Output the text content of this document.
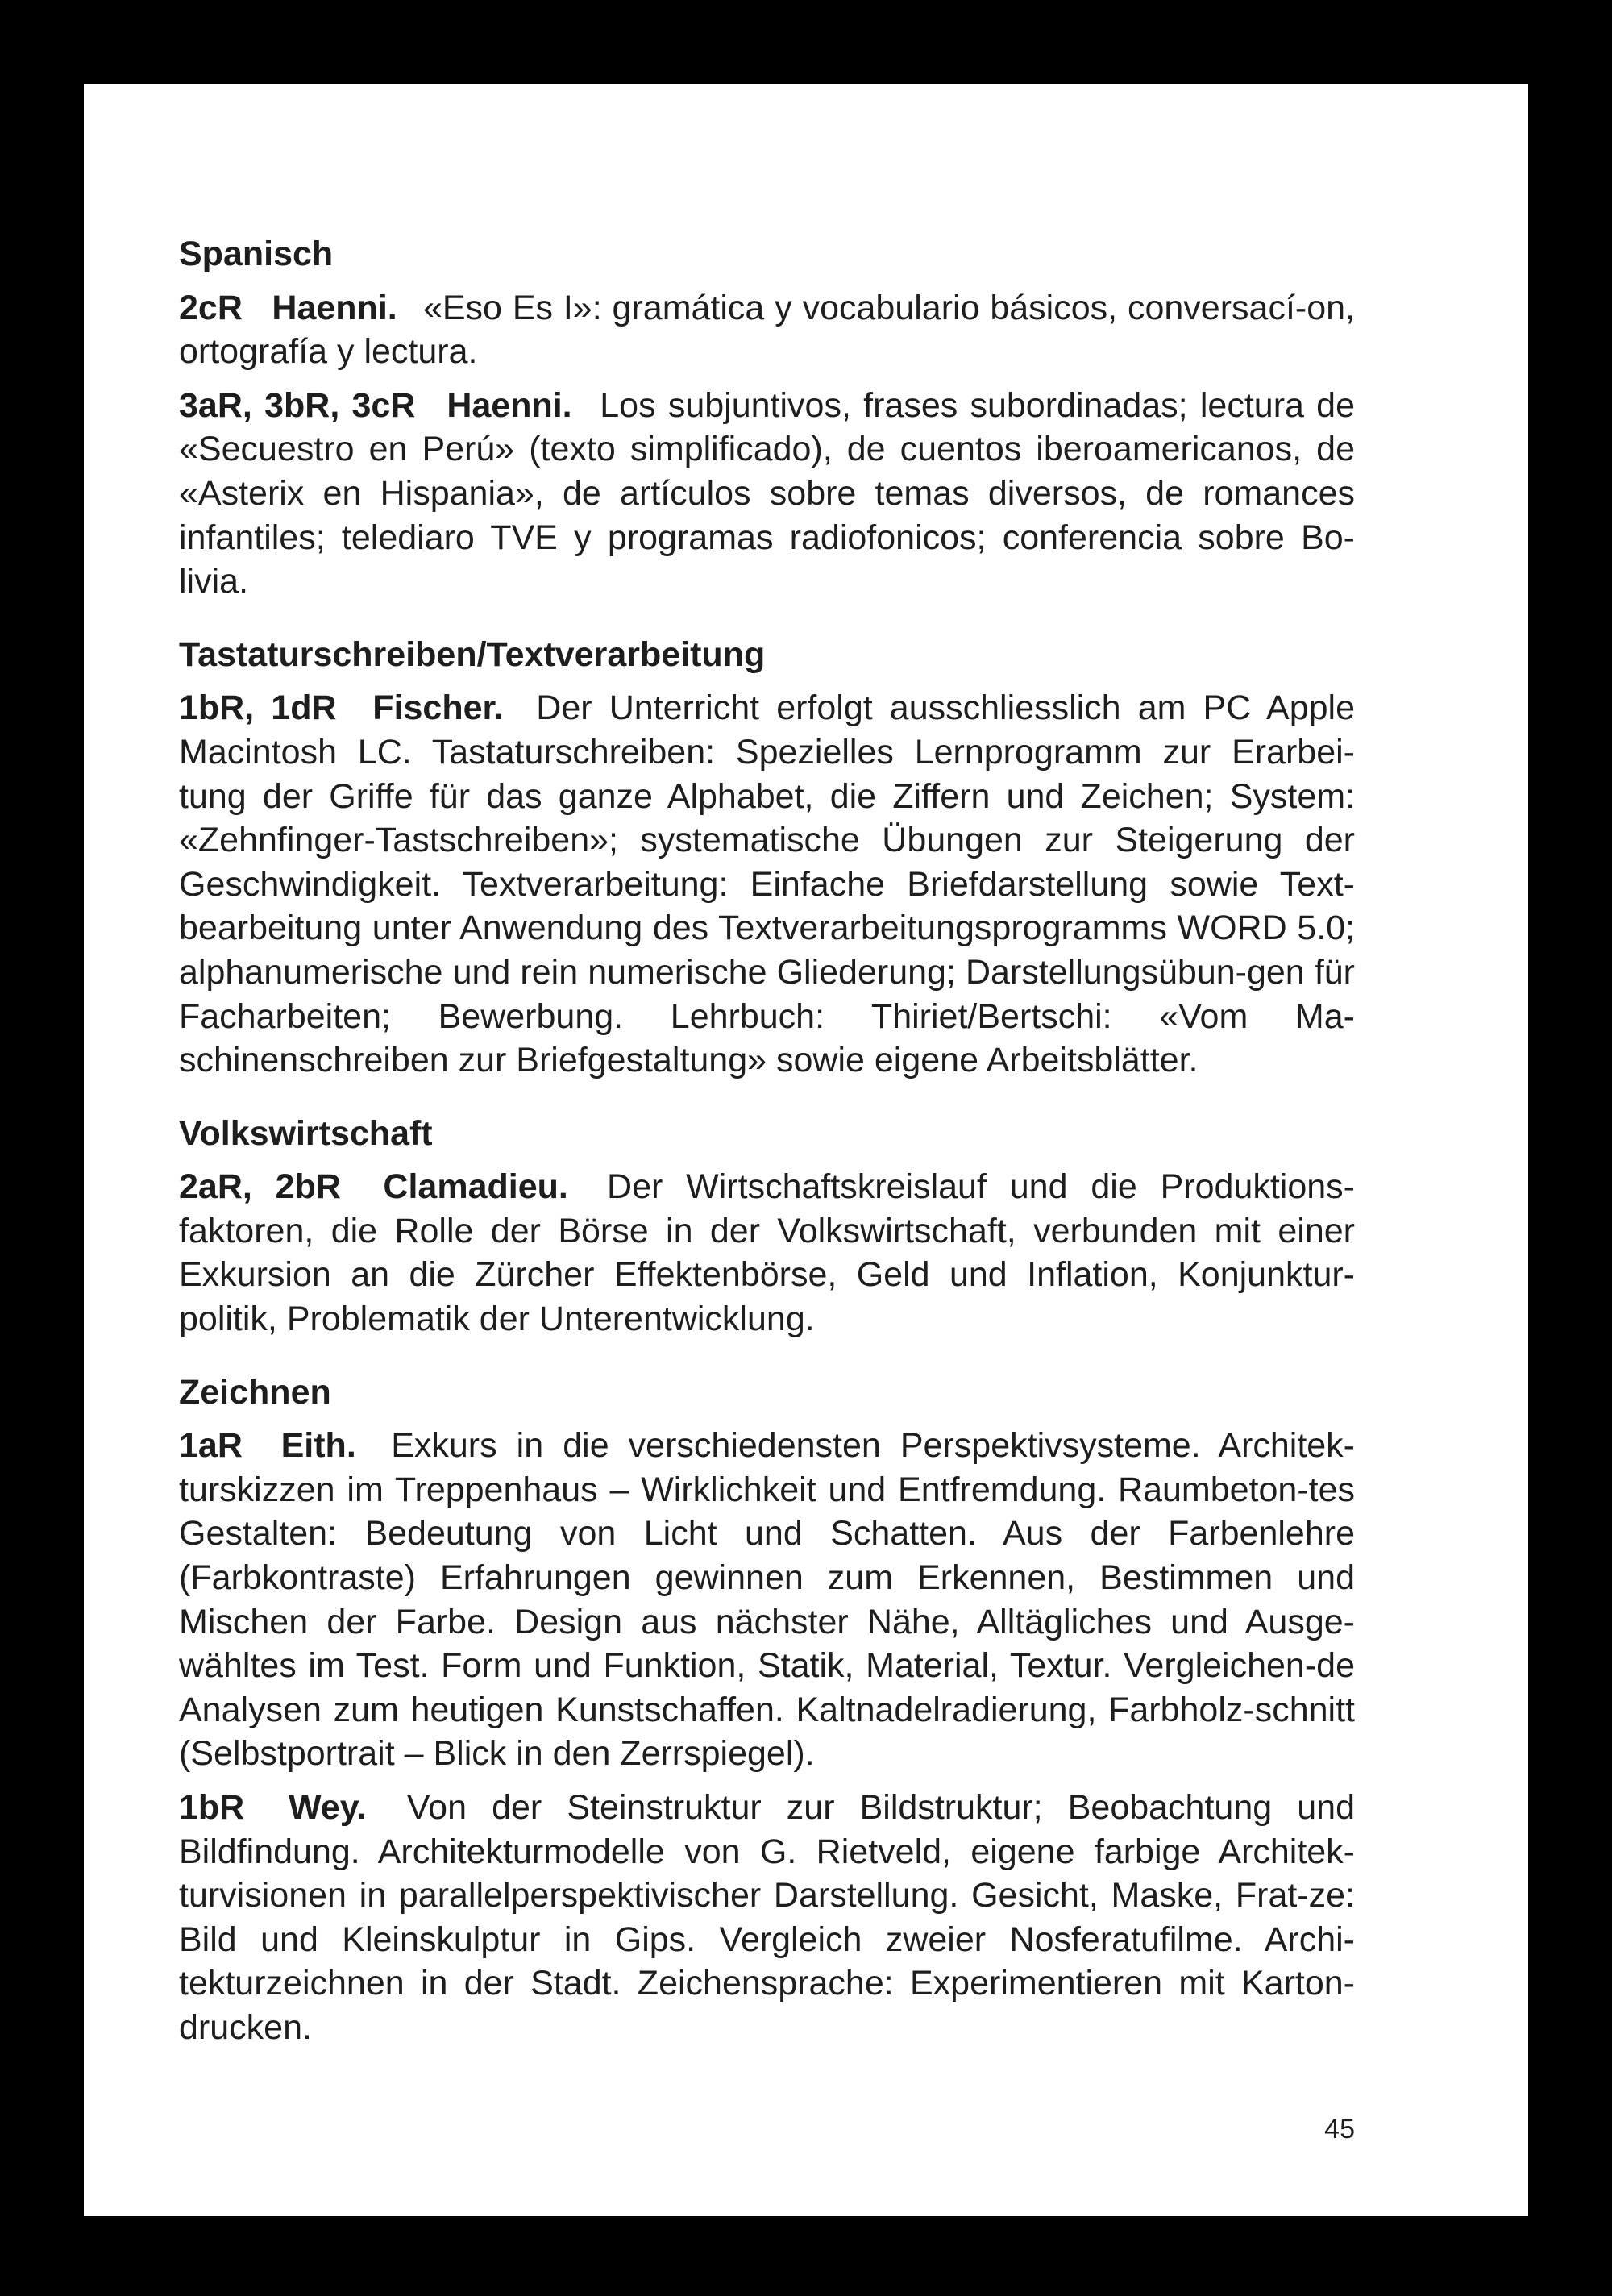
Spanisch

2cR Haenni. «Eso Es I»: gramática y vocabulario básicos, conversací-on, ortografía y lectura.

3aR, 3bR, 3cR Haenni. Los subjuntivos, frases subordinadas; lectura de «Secuestro en Perú» (texto simplificado), de cuentos iberoamericanos, de «Asterix en Hispania», de artículos sobre temas diversos, de romances infantiles; telediaro TVE y programas radiofonicos; conferencia sobre Bo-livia.

Tastaturschreiben/Textverarbeitung

1bR, 1dR Fischer. Der Unterricht erfolgt ausschliesslich am PC Apple Macintosh LC. Tastaturschreiben: Spezielles Lernprogramm zur Erarbei-tung der Griffe für das ganze Alphabet, die Ziffern und Zeichen; System: «Zehnfinger-Tastschreiben»; systematische Übungen zur Steigerung der Geschwindigkeit. Textverarbeitung: Einfache Briefdarstellung sowie Text-bearbeitung unter Anwendung des Textverarbeitungsprogramms WORD 5.0; alphanumerische und rein numerische Gliederung; Darstellungsübun-gen für Facharbeiten; Bewerbung. Lehrbuch: Thiriet/Bertschi: «Vom Ma-schinenschreiben zur Briefgestaltung» sowie eigene Arbeitsblätter.

Volkswirtschaft

2aR, 2bR Clamadieu. Der Wirtschaftskreislauf und die Produktions-faktoren, die Rolle der Börse in der Volkswirtschaft, verbunden mit einer Exkursion an die Zürcher Effektenbörse, Geld und Inflation, Konjunktur-politik, Problematik der Unterentwicklung.

Zeichnen

1aR Eith. Exkurs in die verschiedensten Perspektivsysteme. Architek-turskizzen im Treppenhaus – Wirklichkeit und Entfremdung. Raumbeton-tes Gestalten: Bedeutung von Licht und Schatten. Aus der Farbenlehre (Farbkontraste) Erfahrungen gewinnen zum Erkennen, Bestimmen und Mischen der Farbe. Design aus nächster Nähe, Alltägliches und Ausge-wähltes im Test. Form und Funktion, Statik, Material, Textur. Vergleichen-de Analysen zum heutigen Kunstschaffen. Kaltnadelradierung, Farbholz-schnitt (Selbstportrait – Blick in den Zerrspiegel).

1bR Wey. Von der Steinstruktur zur Bildstruktur; Beobachtung und Bildfindung. Architekturmodelle von G. Rietveld, eigene farbige Architek-turvisionen in parallelperspektivischer Darstellung. Gesicht, Maske, Frat-ze: Bild und Kleinskulptur in Gips. Vergleich zweier Nosferatufilme. Archi-tekturzeichnen in der Stadt. Zeichensprache: Experimentieren mit Karton-drucken.

45
